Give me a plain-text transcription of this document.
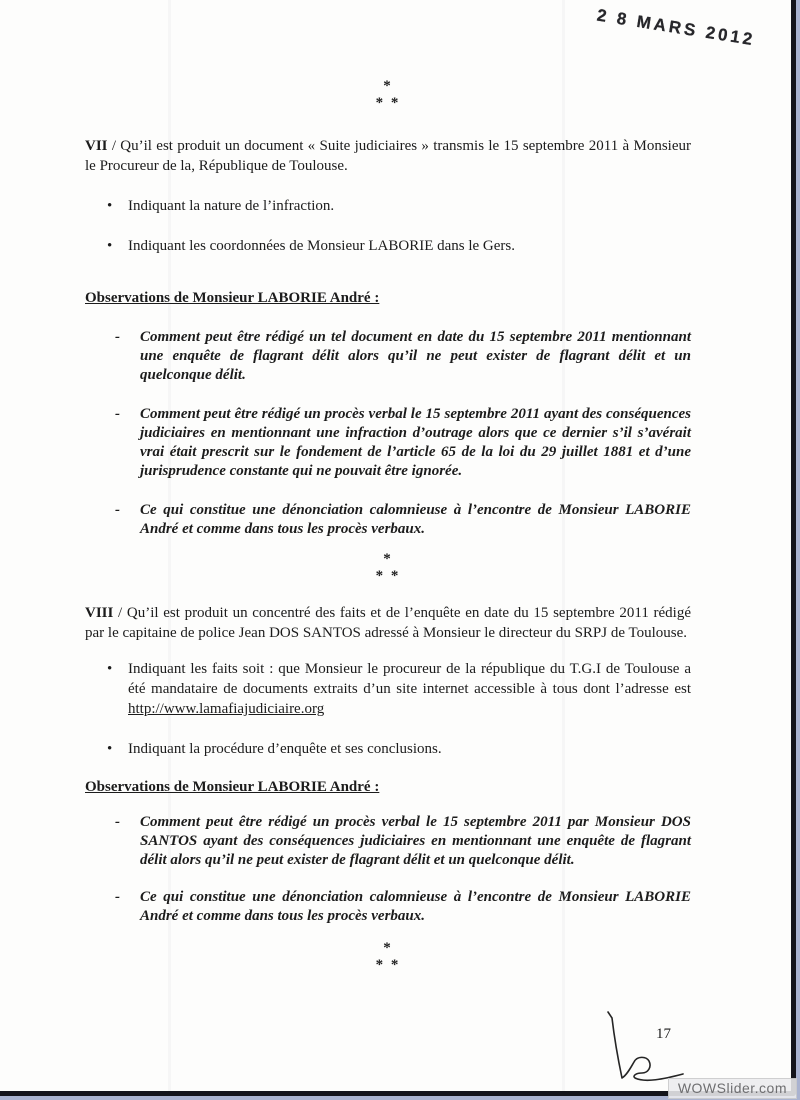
2 8 MARS 2012
*
* *

VII / Qu’il est produit un document « Suite judiciaires » transmis le 15 septembre 2011 à Monsieur le Procureur de la, République de Toulouse.

• Indiquant la nature de l’infraction.
• Indiquant les coordonnées de Monsieur LABORIE dans le Gers.
Observations de Monsieur LABORIE André :
- Comment peut être rédigé un tel document en date du 15 septembre 2011 mentionnant une enquête de flagrant délit alors qu’il ne peut exister de flagrant délit et un quelconque délit.
- Comment peut être rédigé un procès verbal le 15 septembre 2011 ayant des conséquences judiciaires en mentionnant une infraction d’outrage alors que ce dernier s’il s’avérait vrai était prescrit sur le fondement de l’article 65 de la loi du 29 juillet 1881 et d’une jurisprudence constante qui ne pouvait être ignorée.
- Ce qui constitue une dénonciation calomnieuse à l’encontre de Monsieur LABORIE André et comme dans tous les procès verbaux.
*
* *

VIII / Qu’il est produit un concentré des faits et de l’enquête en date du 15 septembre 2011 rédigé par le capitaine de police Jean DOS SANTOS adressé à Monsieur le directeur du SRPJ de Toulouse.

• Indiquant les faits soit : que Monsieur le procureur de la république du T.G.I de Toulouse a été mandataire de documents extraits d’un site internet accessible à tous dont l’adresse est http://www.lamafiajudiciaire.org
• Indiquant la procédure d’enquête et ses conclusions.
Observations de Monsieur LABORIE André :
- Comment peut être rédigé un procès verbal le 15 septembre 2011 par Monsieur DOS SANTOS ayant des conséquences judiciaires en mentionnant une enquête de flagrant délit alors qu’il ne peut exister de flagrant délit et un quelconque délit.
- Ce qui constitue une dénonciation calomnieuse à l’encontre de Monsieur LABORIE André et comme dans tous les procès verbaux.
*
* *
17
WOWSlider.com
